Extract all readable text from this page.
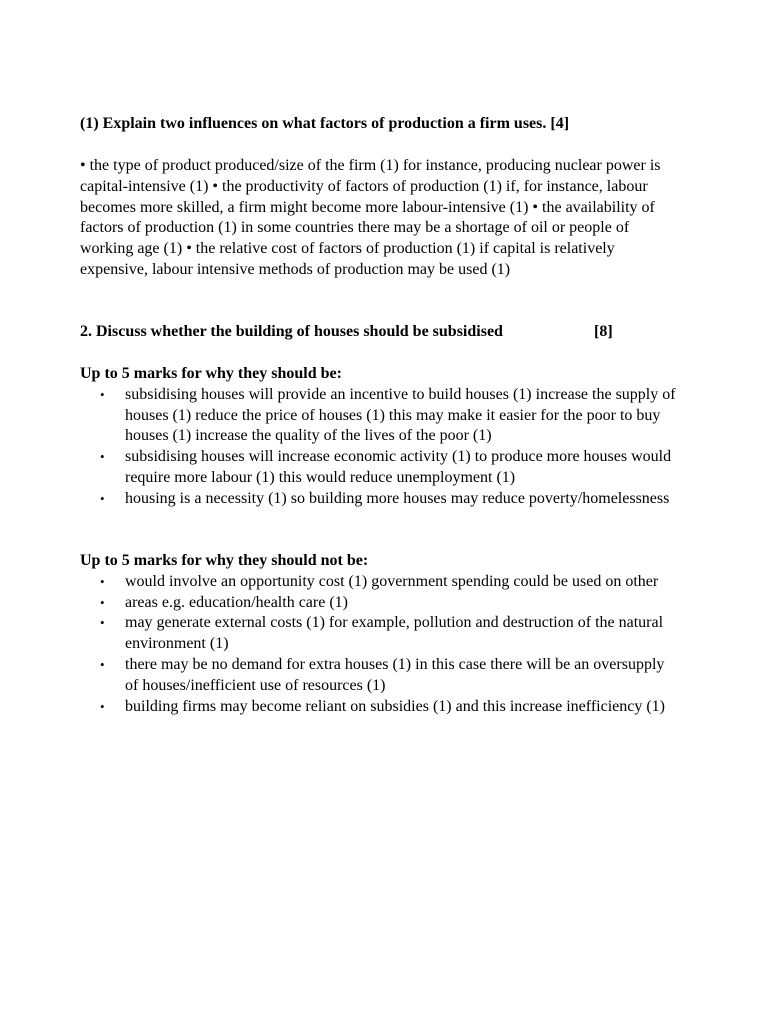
(1) Explain two influences on what factors of production a firm uses. [4]
• the type of product produced/size of the firm (1) for instance, producing nuclear power is capital-intensive (1) • the productivity of factors of production (1) if, for instance, labour becomes more skilled, a firm might become more labour-intensive (1) • the availability of factors of production (1) in some countries there may be a shortage of oil or people of working age (1) • the relative cost of factors of production (1) if capital is relatively expensive, labour intensive methods of production may be used (1)
2. Discuss whether the building of houses should be subsidised	[8]
Up to 5 marks for why they should be:
• subsidising houses will provide an incentive to build houses (1) increase the supply of houses (1) reduce the price of houses (1) this may make it easier for the poor to buy houses (1) increase the quality of the lives of the poor (1)
• subsidising houses will increase economic activity (1) to produce more houses would require more labour (1) this would reduce unemployment (1)
• housing is a necessity (1) so building more houses may reduce poverty/homelessness
Up to 5 marks for why they should not be:
• would involve an opportunity cost (1) government spending could be used on other
• areas e.g. education/health care (1)
• may generate external costs (1) for example, pollution and destruction of the natural environment (1)
• there may be no demand for extra houses (1) in this case there will be an oversupply of houses/inefficient use of resources (1)
• building firms may become reliant on subsidies (1) and this increase inefficiency (1)
